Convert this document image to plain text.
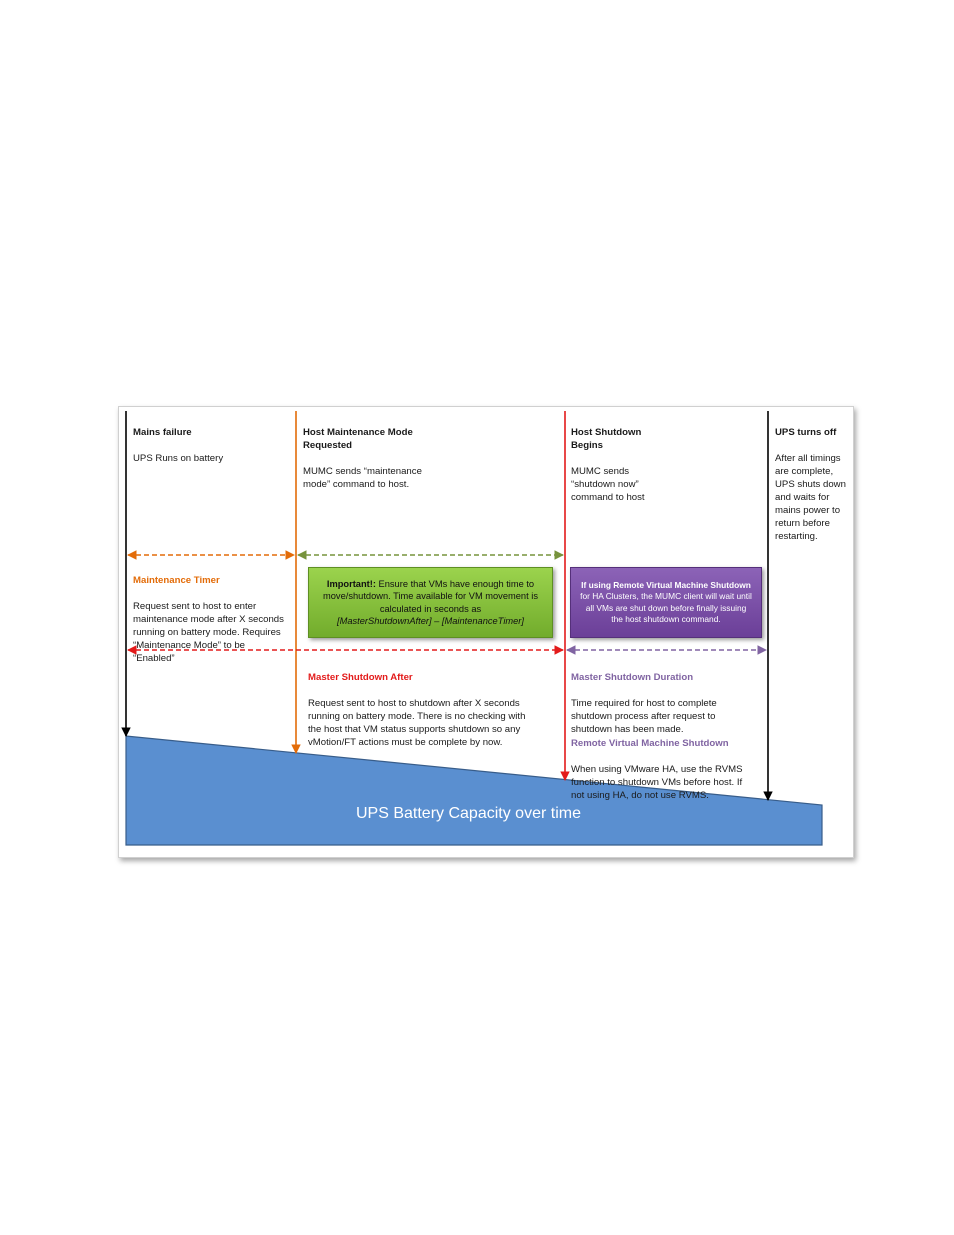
Mains failure

UPS Runs on battery

Host Maintenance Mode
Requested

MUMC sends “maintenance
mode” command to host.

Host Shutdown
Begins

MUMC sends
“shutdown now”
command to host

UPS turns off

After all timings
are complete,
UPS shuts down
and waits for
mains power to
return before
restarting.

Maintenance Timer

Request sent to host to enter
maintenance mode after X seconds
running on battery mode. Requires
“Maintenance Mode” to be
“Enabled”

Important!: Ensure that VMs have enough time to move/shutdown. Time available for VM movement is calculated in seconds as
[MasterShutdownAfter] – [MaintenanceTimer]
If using Remote Virtual Machine Shutdown
for HA Clusters, the MUMC client will wait until all VMs are shut down before finally issuing the host shutdown command.

Master Shutdown After

Request sent to host to shutdown after X seconds
running on battery mode. There is no checking with
the host that VM status supports shutdown so any
vMotion/FT actions must be complete by now.

Master Shutdown Duration

Time required for host to complete
shutdown process after request to
shutdown has been made.

Remote Virtual Machine Shutdown

When using VMware HA, use the RVMS
function to shutdown VMs before host. If
not using HA, do not use RVMS.

UPS Battery Capacity over time
